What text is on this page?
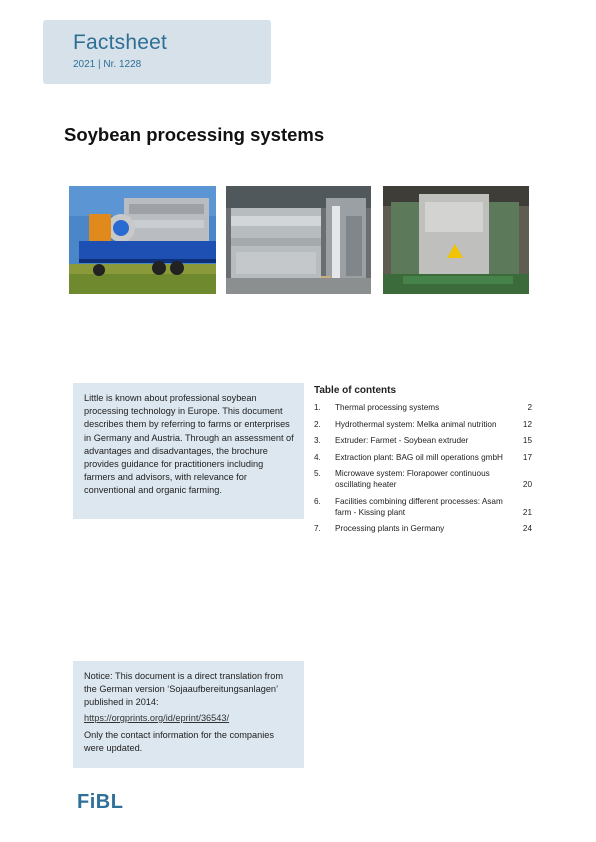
Factsheet
2021 | Nr. 1228
Soybean processing systems
Little is known about professional soybean processing technology in Europe. This document describes them by referring to farms or enterprises in Germany and Austria. Through an assessment of advantages and disadvantages, the brochure provides guidance for practitioners including farmers and advisors, with relevance for conventional and organic farming.
Table of contents
1. Thermal processing systems	2
2. Hydrothermal system: Melka animal nutrition	12
3. Extruder: Farmet - Soybean extruder	15
4. Extraction plant: BAG oil mill operations gmbH 17
5. Microwave system: Florapower continuous oscillating heater	20
6. Facilities combining different processes: Asam farm - Kissing plant	21
7. Processing plants in Germany	24
Notice: This document is a direct translation from the German version ‘Sojaaufbereitungsanlagen’ published in 2014:
https://orgprints.org/id/eprint/36543/
Only the contact information for the companies were updated.
FiBL
